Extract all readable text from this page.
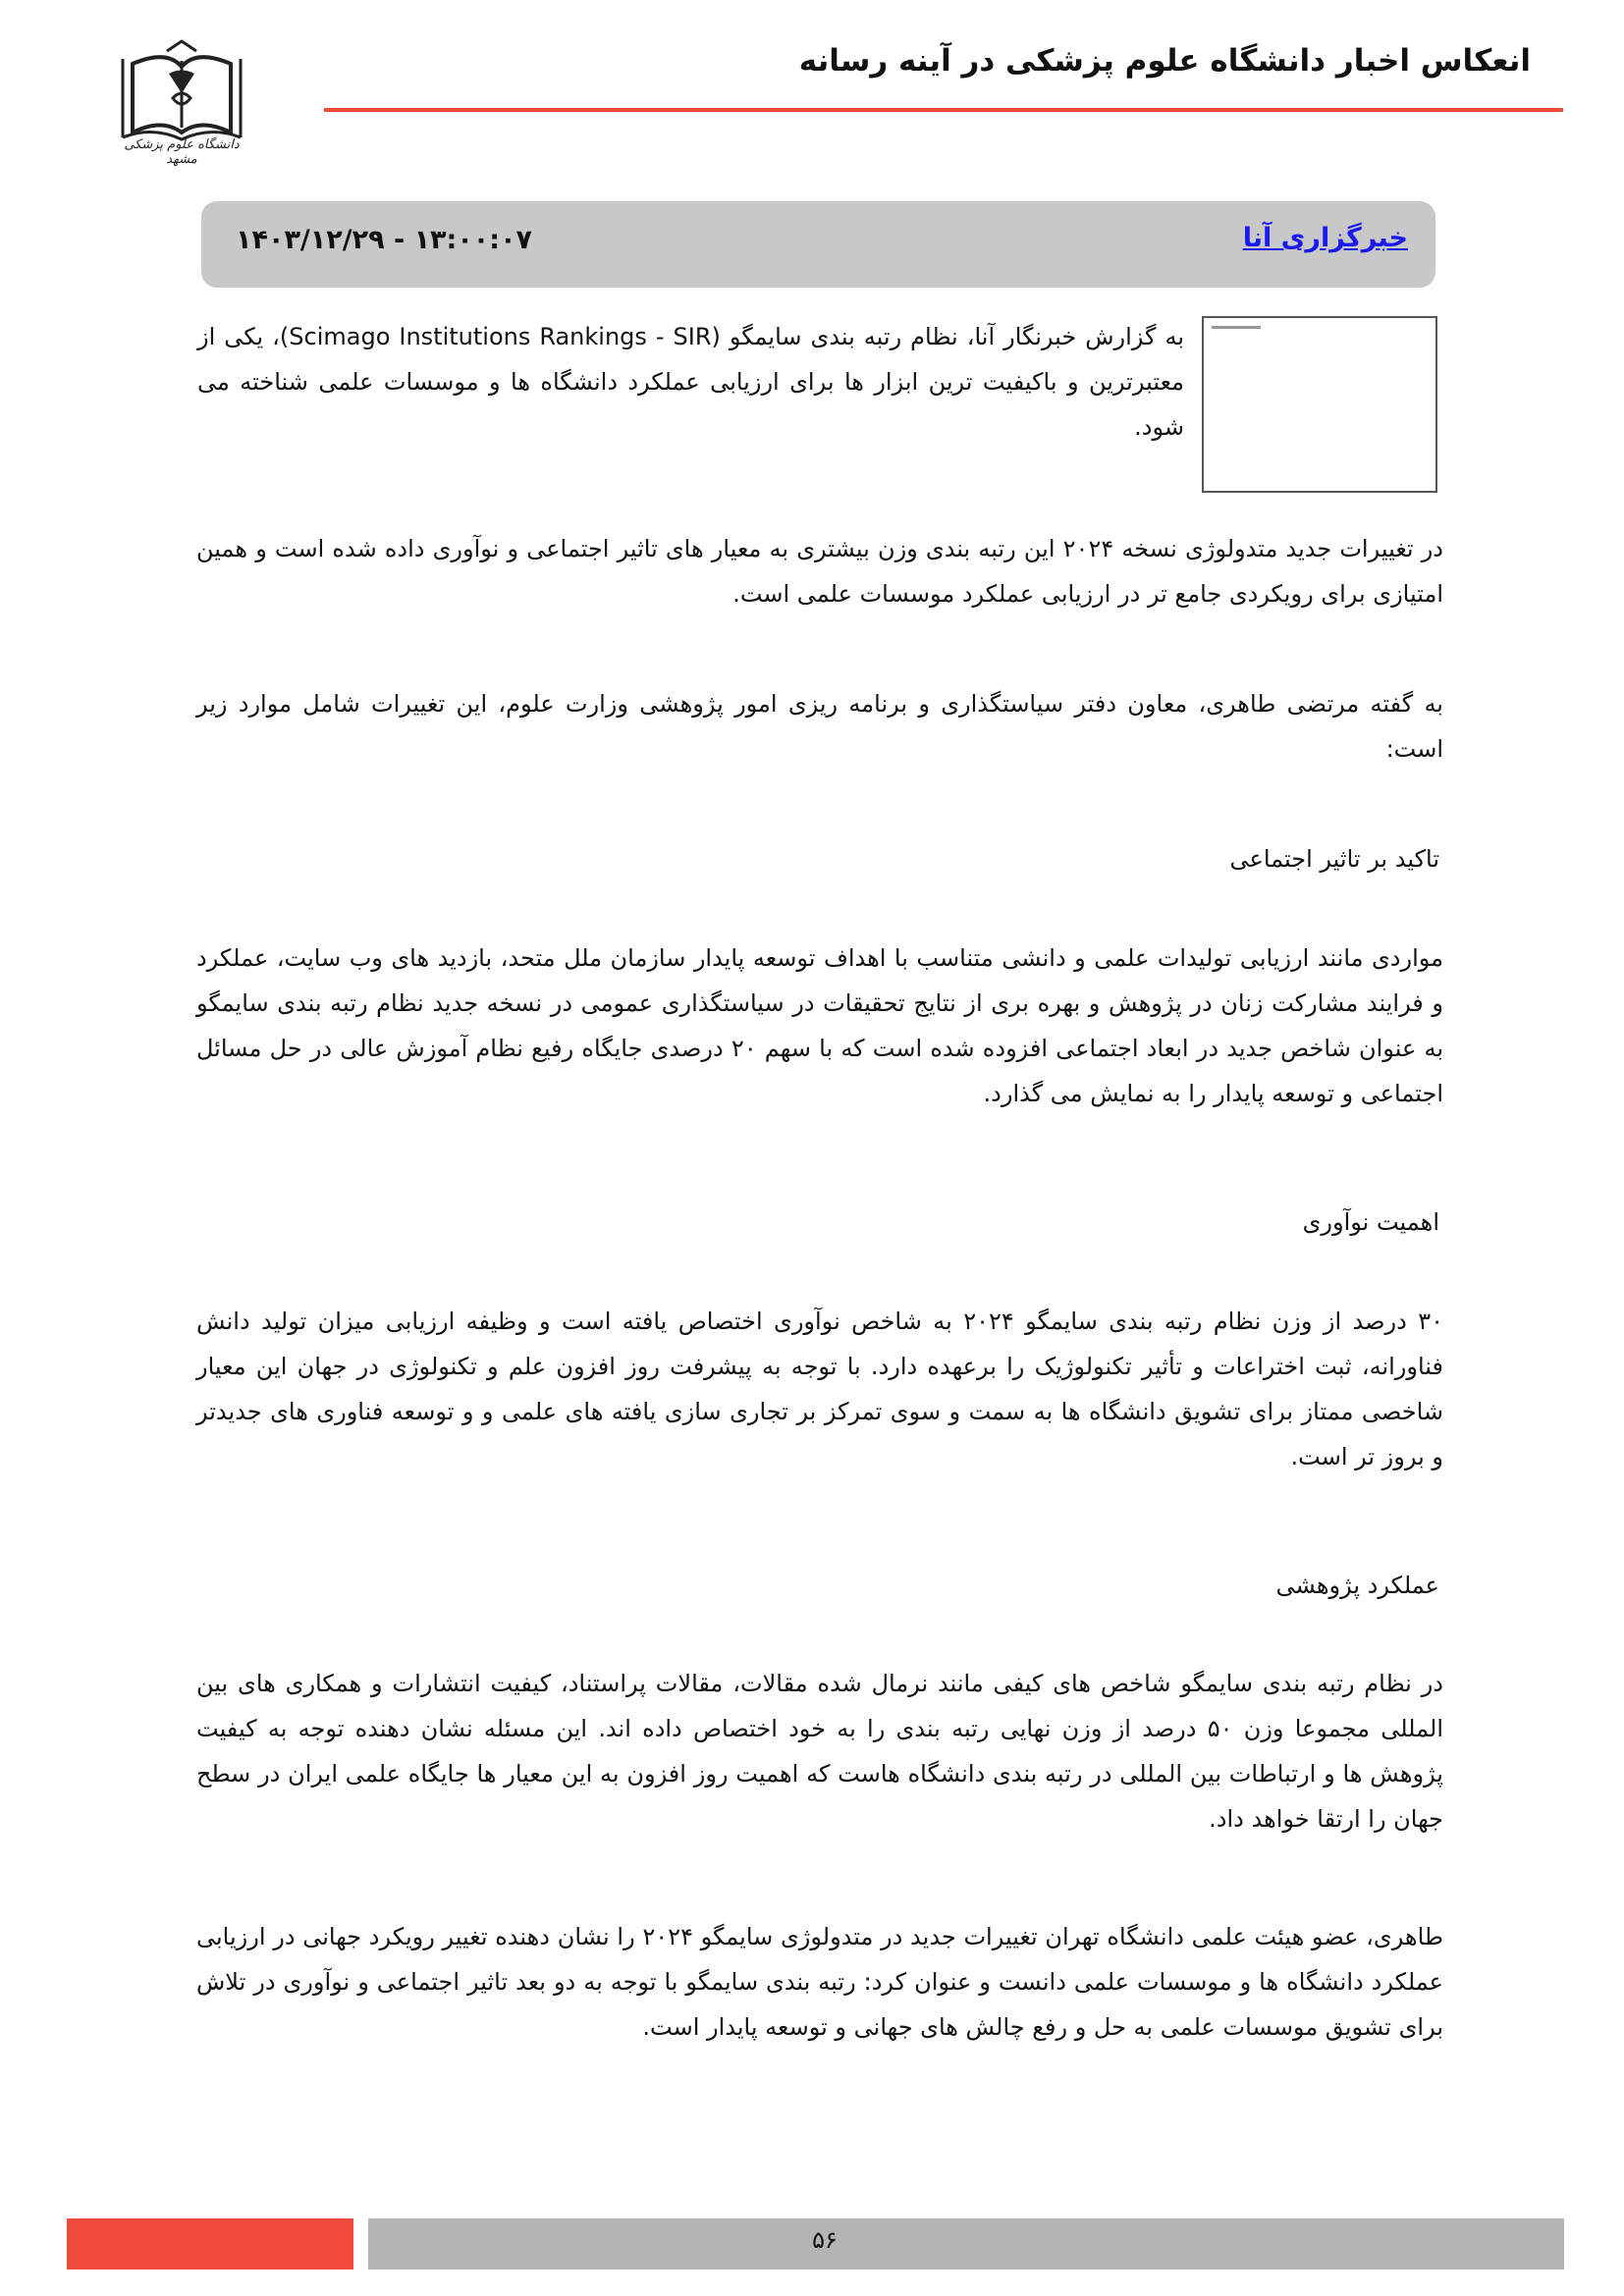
انعکاس اخبار دانشگاه علوم پزشکی در آینه رسانه
دانشگاه علوم پزشکی مشهد
خبرگزاری آنا
۱۴۰۳/۱۲/۲۹ - ۱۳:۰۰:۰۷
به گزارش خبرنگار آنا، نظام رتبه بندی سایمگو (Scimago Institutions Rankings - SIR)، یکی از معتبرترین و باکیفیت ترین ابزار ها برای ارزیابی عملکرد دانشگاه ها و موسسات علمی شناخته می شود.
در تغییرات جدید متدولوژی نسخه ۲۰۲۴ این رتبه بندی وزن بیشتری به معیار های تاثیر اجتماعی و نوآوری داده شده است و همین امتیازی برای رویکردی جامع تر در ارزیابی عملکرد موسسات علمی است.
به گفته مرتضی طاهری، معاون دفتر سیاستگذاری و برنامه ریزی امور پژوهشی وزارت علوم، این تغییرات شامل موارد زیر است:
تاکید بر تاثیر اجتماعی
مواردی مانند ارزیابی تولیدات علمی و دانشی متناسب با اهداف توسعه پایدار سازمان ملل متحد، بازدید های وب سایت، عملکرد و فرایند مشارکت زنان در پژوهش و بهره بری از نتایج تحقیقات در سیاستگذاری عمومی در نسخه جدید نظام رتبه بندی سایمگو به عنوان شاخص جدید در ابعاد اجتماعی افزوده شده است که با سهم ۲۰ درصدی جایگاه رفیع نظام آموزش عالی در حل مسائل اجتماعی و توسعه پایدار را به نمایش می گذارد.
اهمیت نوآوری
۳۰ درصد از وزن نظام رتبه بندی سایمگو ۲۰۲۴ به شاخص نوآوری اختصاص یافته است و وظیفه ارزیابی میزان تولید دانش فناورانه، ثبت اختراعات و تأثیر تکنولوژیک را برعهده دارد. با توجه به پیشرفت روز افزون علم و تکنولوژی در جهان این معیار شاخصی ممتاز برای تشویق دانشگاه ها به سمت و سوی تمرکز بر تجاری سازی یافته های علمی و و توسعه فناوری های جدیدتر و بروز تر است.
عملکرد پژوهشی
در نظام رتبه بندی سایمگو شاخص های کیفی مانند نرمال شده مقالات، مقالات پراستناد، کیفیت انتشارات و همکاری های بین المللی مجموعا وزن ۵۰ درصد از وزن نهایی رتبه بندی را به خود اختصاص داده اند. این مسئله نشان دهنده توجه به کیفیت پژوهش ها و ارتباطات بین المللی در رتبه بندی دانشگاه هاست که اهمیت روز افزون به این معیار ها جایگاه علمی ایران در سطح جهان را ارتقا خواهد داد.
طاهری، عضو هیئت علمی دانشگاه تهران تغییرات جدید در متدولوژی سایمگو ۲۰۲۴ را نشان دهنده تغییر رویکرد جهانی در ارزیابی عملکرد دانشگاه ها و موسسات علمی دانست و عنوان کرد: رتبه بندی سایمگو با توجه به دو بعد تاثیر اجتماعی و نوآوری در تلاش برای تشویق موسسات علمی به حل و رفع چالش های جهانی و توسعه پایدار است.
۵۶
